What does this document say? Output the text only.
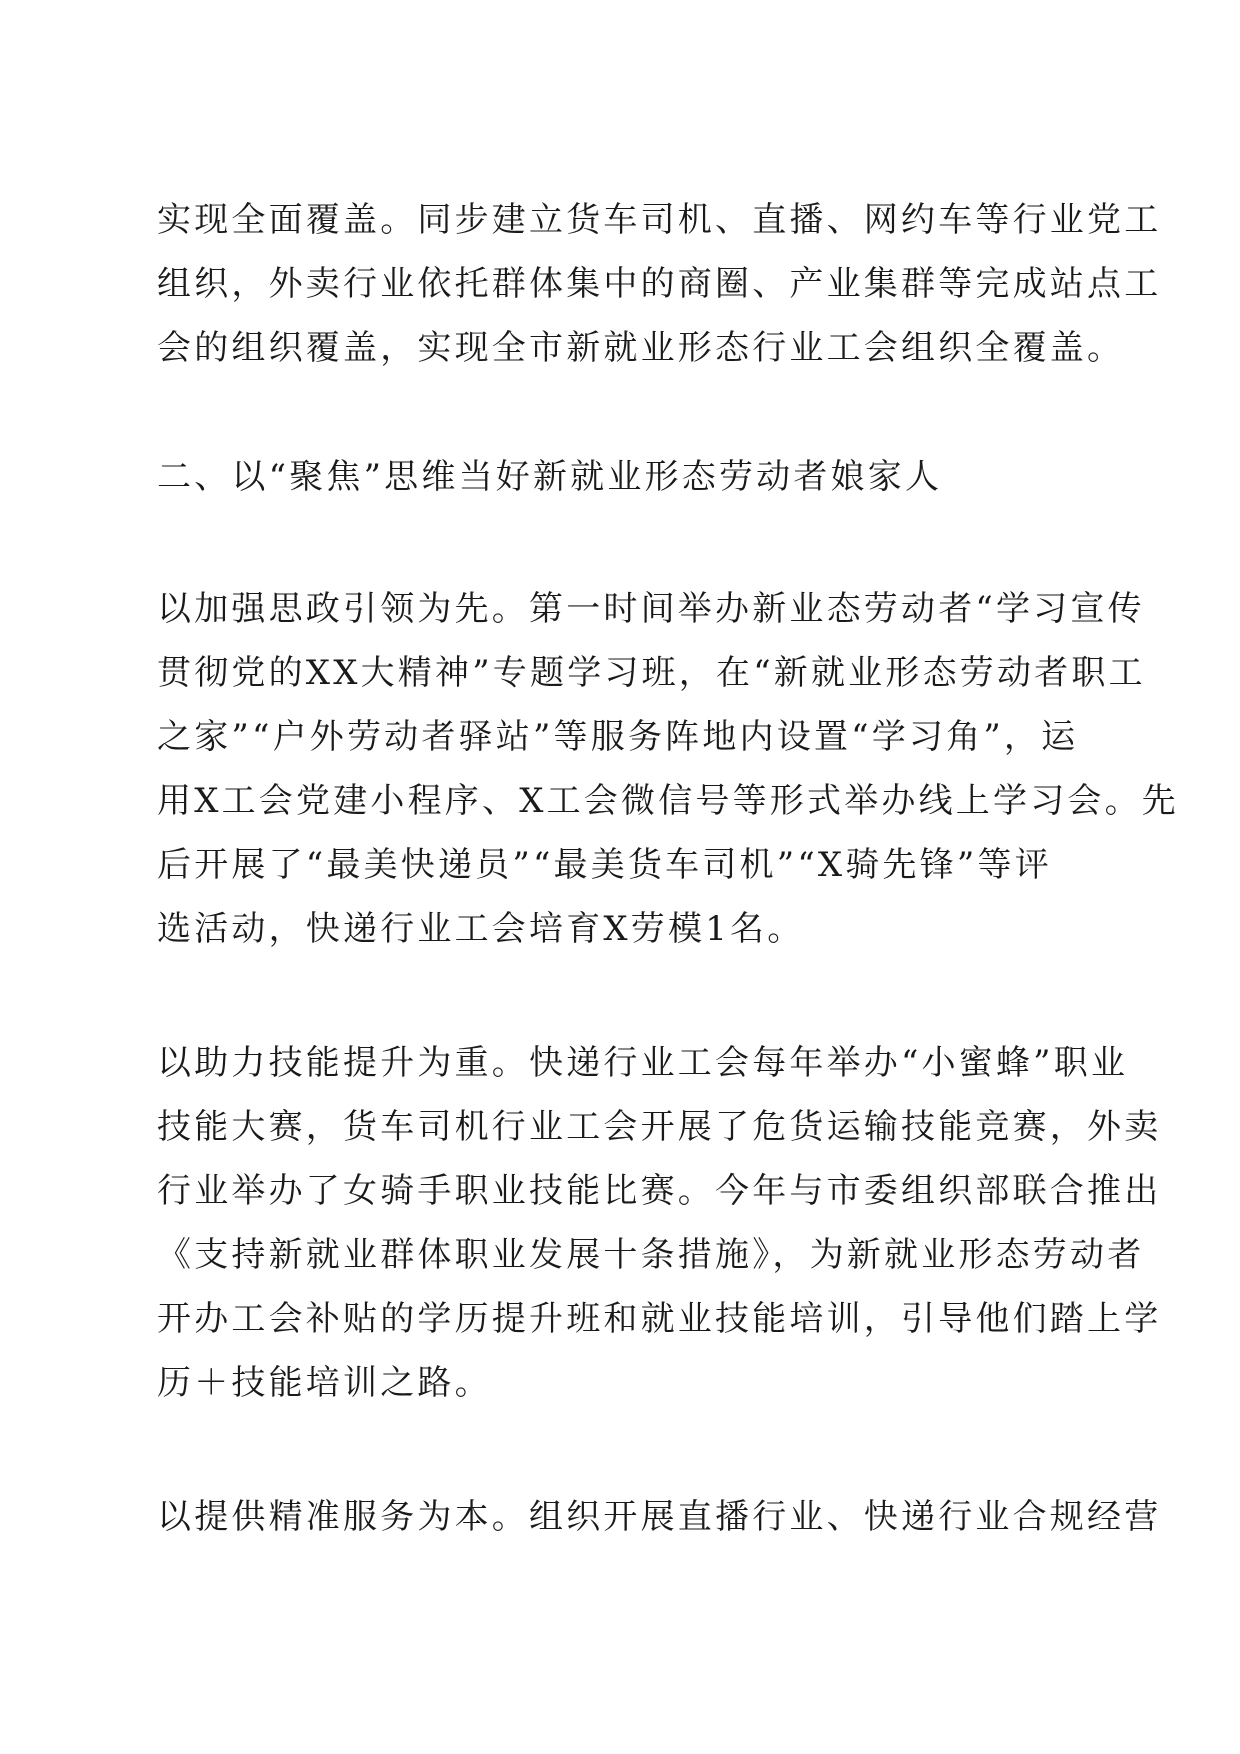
实现全面覆盖。同步建立货车司机、直播、网约车等行业党工
组织，外卖行业依托群体集中的商圈、产业集群等完成站点工
会的组织覆盖，实现全市新就业形态行业工会组织全覆盖。
二、以“聚焦”思维当好新就业形态劳动者娘家人
以加强思政引领为先。第一时间举办新业态劳动者“学习宣传
贯彻党的XX大精神”专题学习班，在“新就业形态劳动者职工
之家”“户外劳动者驿站”等服务阵地内设置“学习角”，运
用X工会党建小程序、X工会微信号等形式举办线上学习会。先
后开展了“最美快递员”“最美货车司机”“X骑先锋”等评
选活动，快递行业工会培育X劳模1名。
以助力技能提升为重。快递行业工会每年举办“小蜜蜂”职业
技能大赛，货车司机行业工会开展了危货运输技能竞赛，外卖
行业举办了女骑手职业技能比赛。今年与市委组织部联合推出
《支持新就业群体职业发展十条措施》，为新就业形态劳动者
开办工会补贴的学历提升班和就业技能培训，引导他们踏上学
历＋技能培训之路。
以提供精准服务为本。组织开展直播行业、快递行业合规经营
